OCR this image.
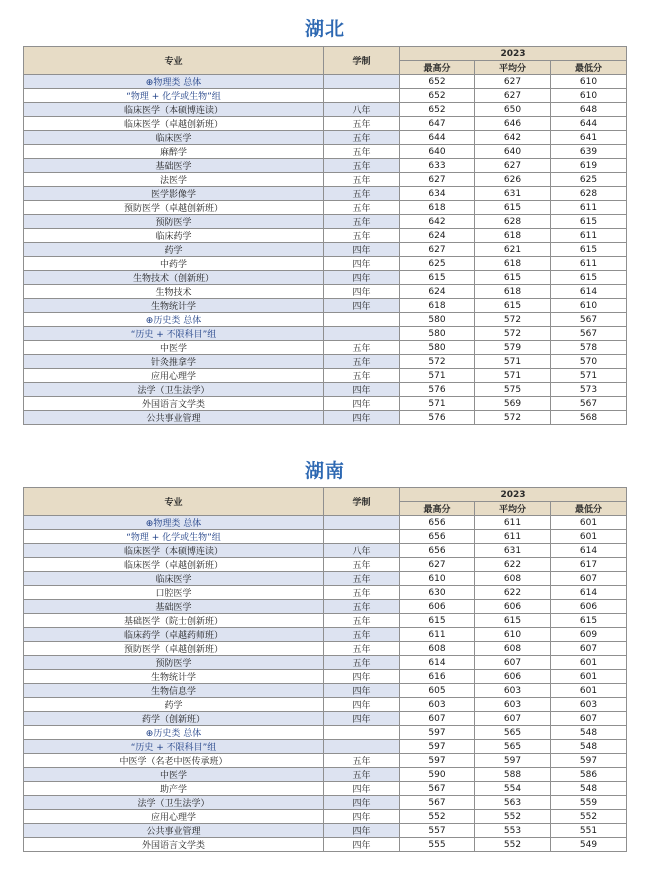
湖北
专业	学制	2023		
		最高分	平均分	最低分
⊕物理类 总体		652	627	610
“物理 + 化学或生物”组		652	627	610
临床医学（本硕博连读）	八年	652	650	648
临床医学（卓越创新班）	五年	647	646	644
临床医学	五年	644	642	641
麻醉学	五年	640	640	639
基础医学	五年	633	627	619
法医学	五年	627	626	625
医学影像学	五年	634	631	628
预防医学（卓越创新班）	五年	618	615	611
预防医学	五年	642	628	615
临床药学	五年	624	618	611
药学	四年	627	621	615
中药学	四年	625	618	611
生物技术（创新班）	四年	615	615	615
生物技术	四年	624	618	614
生物统计学	四年	618	615	610
⊕历史类 总体		580	572	567
“历史 + 不限科目”组		580	572	567
中医学	五年	580	579	578
针灸推拿学	五年	572	571	570
应用心理学	五年	571	571	571
法学（卫生法学）	四年	576	575	573
外国语言文学类	四年	571	569	567
公共事业管理	四年	576	572	568
湖南
专业	学制	2023		
		最高分	平均分	最低分
⊕物理类 总体		656	611	601
“物理 + 化学或生物”组		656	611	601
临床医学（本硕博连读）	八年	656	631	614
临床医学（卓越创新班）	五年	627	622	617
临床医学	五年	610	608	607
口腔医学	五年	630	622	614
基础医学	五年	606	606	606
基础医学（院士创新班）	五年	615	615	615
临床药学（卓越药师班）	五年	611	610	609
预防医学（卓越创新班）	五年	608	608	607
预防医学	五年	614	607	601
生物统计学	四年	616	606	601
生物信息学	四年	605	603	601
药学	四年	603	603	603
药学（创新班）	四年	607	607	607
⊕历史类 总体		597	565	548
“历史 + 不限科目”组		597	565	548
中医学（名老中医传承班）	五年	597	597	597
中医学	五年	590	588	586
助产学	四年	567	554	548
法学（卫生法学）	四年	567	563	559
应用心理学	四年	552	552	552
公共事业管理	四年	557	553	551
外国语言文学类	四年	555	552	549
